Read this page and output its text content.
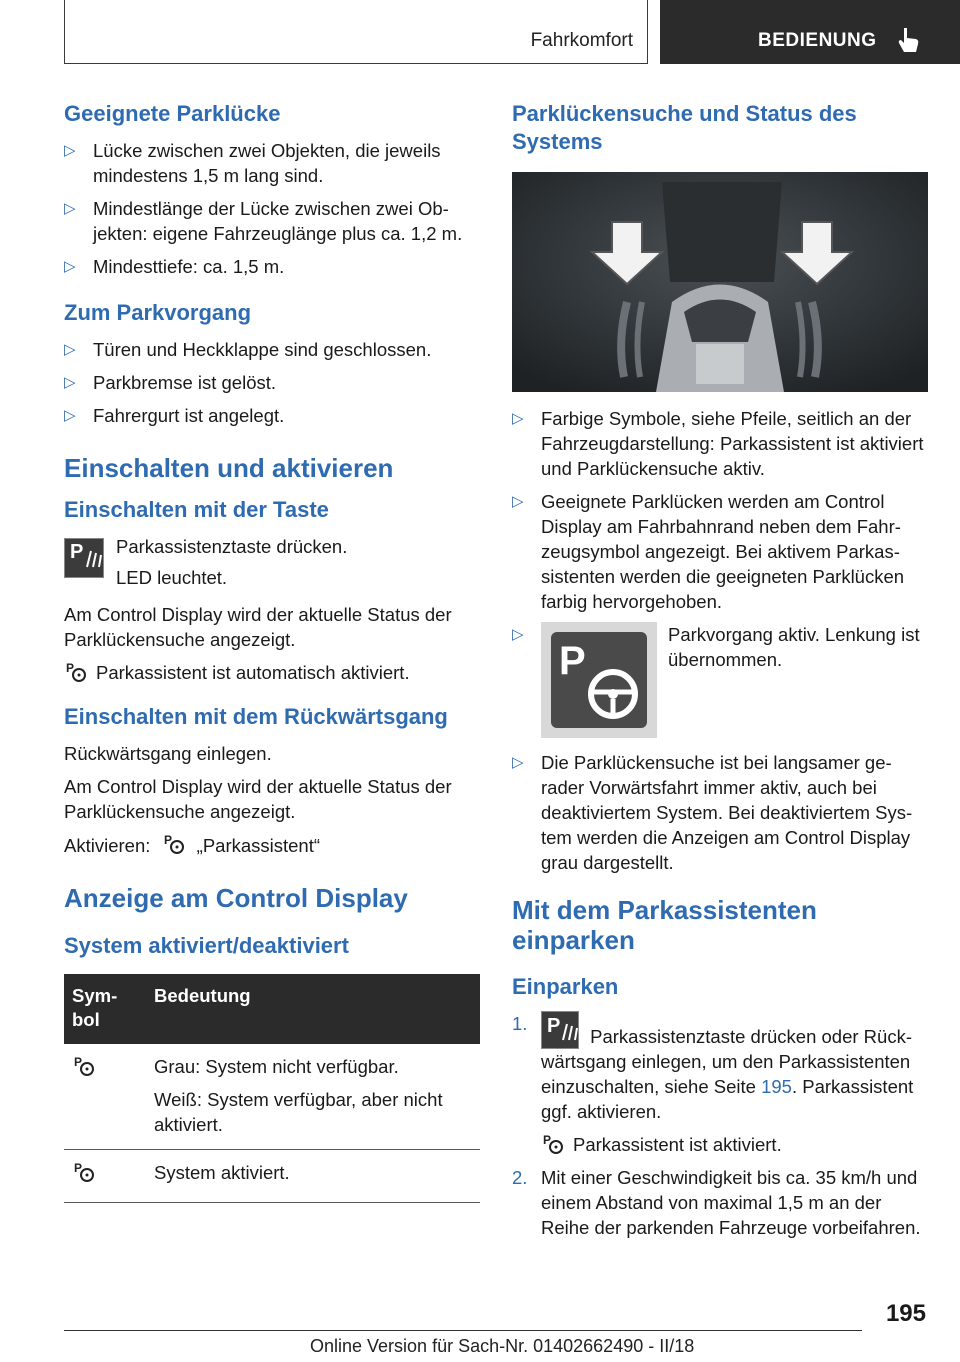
Fahrkomfort	BEDIENUNG
Geeignete Parklücke
▷ Lücke zwischen zwei Objekten, die jeweils mindestens 1,5 m lang sind.
▷ Mindestlänge der Lücke zwischen zwei Objekten: eigene Fahrzeuglänge plus ca. 1,2 m.
▷ Mindesttiefe: ca. 1,5 m.
Zum Parkvorgang
▷ Türen und Heckklappe sind geschlossen.
▷ Parkbremse ist gelöst.
▷ Fahrergurt ist angelegt.
Einschalten und aktivieren
Einschalten mit der Taste
P Parkassistenztaste drücken.
LED leuchtet.
Am Control Display wird der aktuelle Status der Parklückensuche angezeigt.
P Parkassistent ist automatisch aktiviert.
Einschalten mit dem Rückwärtsgang
Rückwärtsgang einlegen.
Am Control Display wird der aktuelle Status der Parklückensuche angezeigt.
Aktivieren: P „Parkassistent“
Anzeige am Control Display
System aktiviert/deaktiviert
Symbol	Bedeutung

P	Grau: System nicht verfügbar.
Weiß: System verfügbar, aber nicht aktiviert.

P	System aktiviert.
Parklückensuche und Status des Systems
▷ Farbige Symbole, siehe Pfeile, seitlich an der Fahrzeugdarstellung: Parkassistent ist aktiviert und Parklückensuche aktiv.
▷ Geeignete Parklücken werden am Control Display am Fahrbahnrand neben dem Fahrzeugsymbol angezeigt. Bei aktivem Parkassistenten werden die geeigneten Parklücken farbig hervorgehoben.
▷
P
Parkvorgang aktiv. Lenkung ist übernommen.
▷ Die Parklückensuche ist bei langsamer gerader Vorwärtsfahrt immer aktiv, auch bei deaktiviertem System. Bei deaktiviertem System werden die Anzeigen am Control Display grau dargestellt.
Mit dem Parkassistenten einparken
Einparken
1. P Parkassistenztaste drücken oder Rückwärtsgang einlegen, um den Parkassistenten einzuschalten, siehe Seite 195. Parkassistent ggf. aktivieren.
P Parkassistent ist aktiviert.
2. Mit einer Geschwindigkeit bis ca. 35 km/h und einem Abstand von maximal 1,5 m an der Reihe der parkenden Fahrzeuge vorbeifahren.
195
Online Version für Sach-Nr. 01402662490 - II/18
